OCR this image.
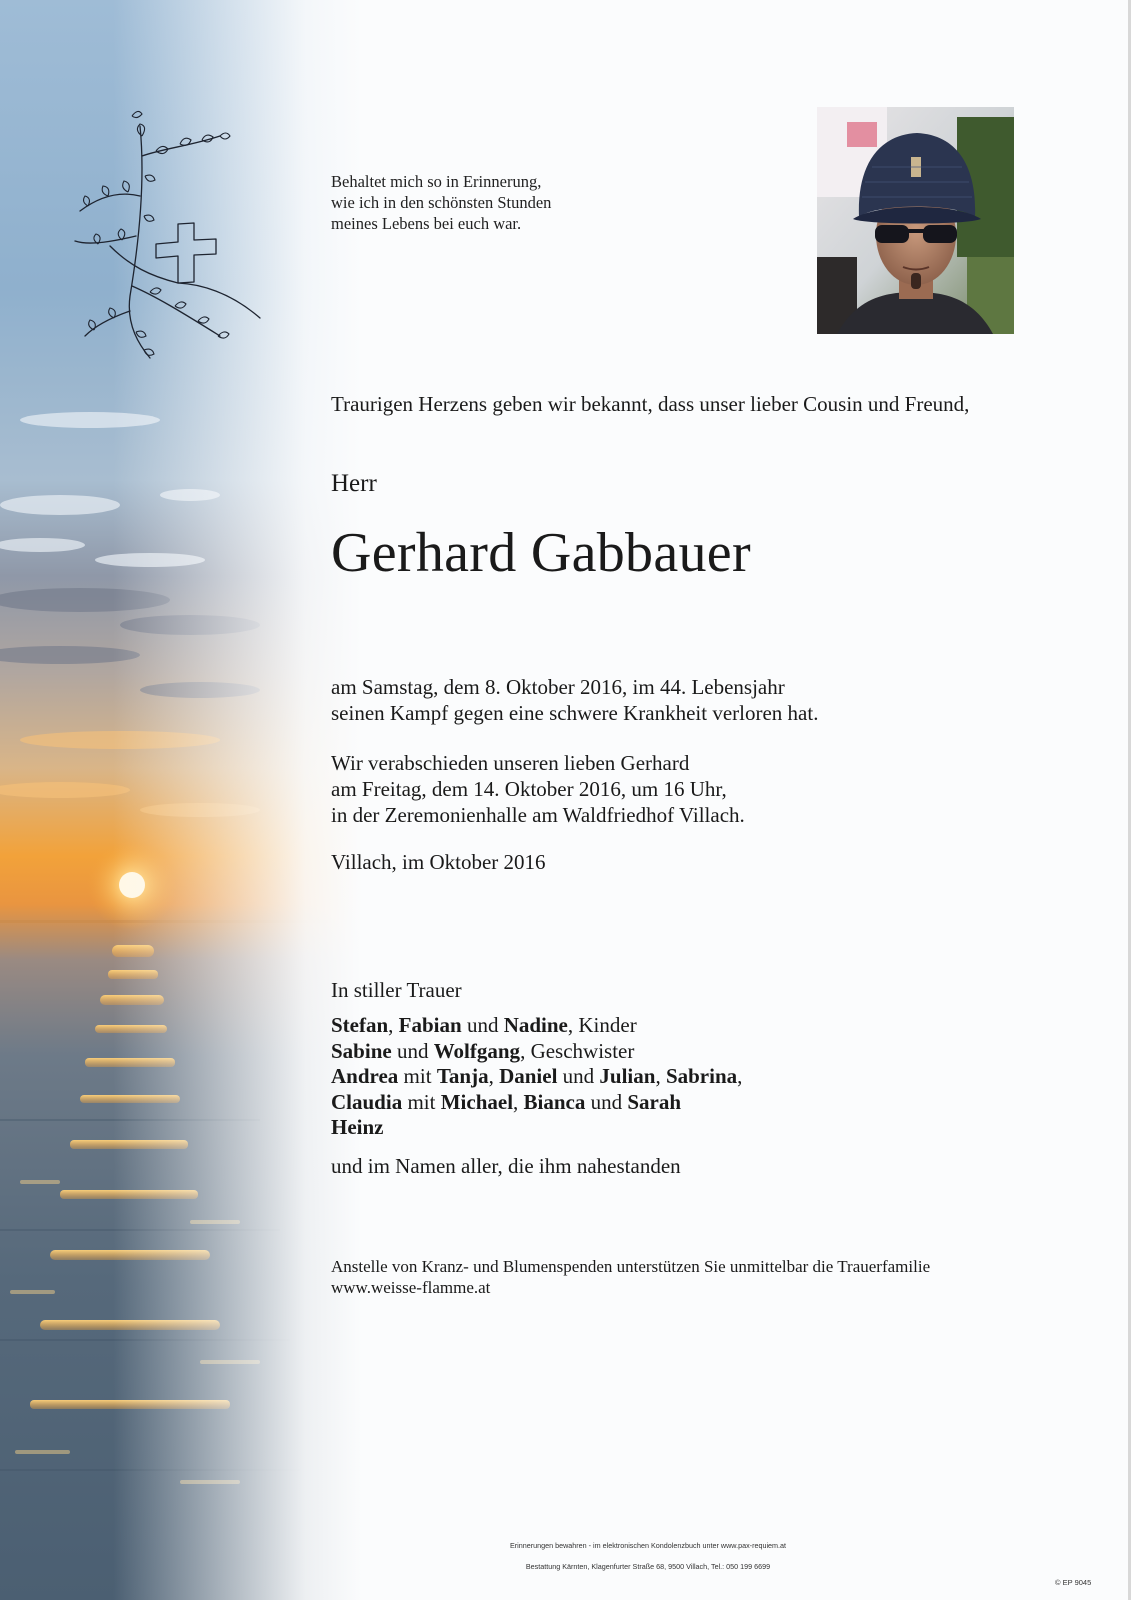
Behaltet mich so in Erinnerung,
wie ich in den schönsten Stunden
meines Lebens bei euch war.
Traurigen Herzens geben wir bekannt, dass unser lieber Cousin und Freund,
Herr
Gerhard Gabbauer
am Samstag, dem 8. Oktober 2016, im 44. Lebensjahr
seinen Kampf gegen eine schwere Krankheit verloren hat.
Wir verabschieden unseren lieben Gerhard
am Freitag, dem 14. Oktober 2016, um 16 Uhr,
in der Zeremonienhalle am Waldfriedhof Villach.
Villach, im Oktober 2016
In stiller Trauer
Stefan, Fabian und Nadine, Kinder
Sabine und Wolfgang, Geschwister
Andrea mit Tanja, Daniel und Julian, Sabrina,
Claudia mit Michael, Bianca und Sarah
Heinz
und im Namen aller, die ihm nahestanden
Anstelle von Kranz- und Blumenspenden unterstützen Sie unmittelbar die Trauerfamilie
www.weisse-flamme.at
Erinnerungen bewahren - im elektronischen Kondolenzbuch unter www.pax-requiem.at
Bestattung Kärnten, Klagenfurter Straße 68, 9500 Villach, Tel.: 050 199 6699
© EP 9045
